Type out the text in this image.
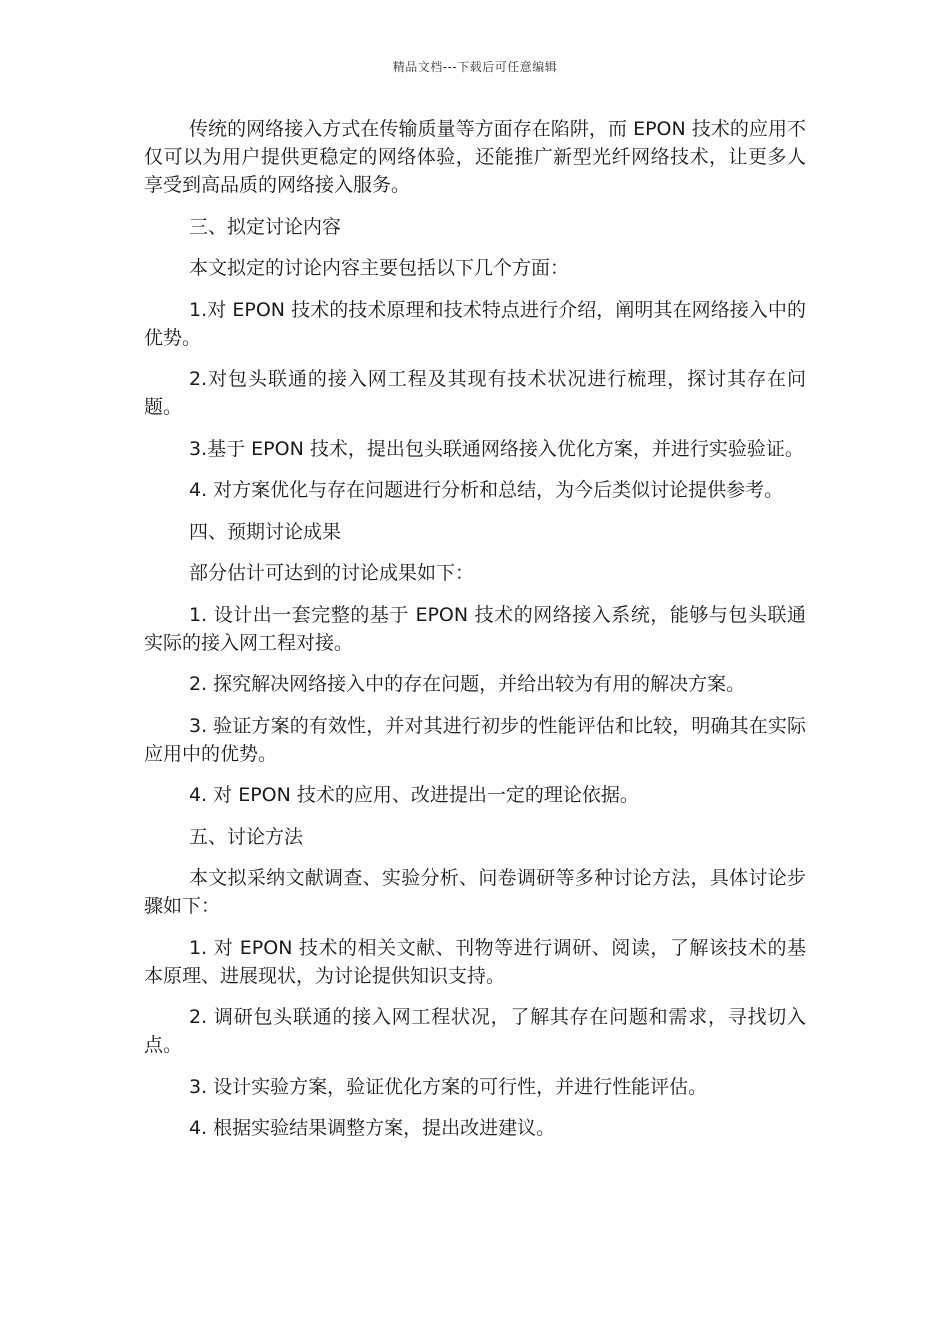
精品文档---下载后可任意编辑

传统的网络接入方式在传输质量等方面存在陷阱，而 EPON 技术的应用不仅可以为用户提供更稳定的网络体验，还能推广新型光纤网络技术，让更多人享受到高品质的网络接入服务。

三、拟定讨论内容

本文拟定的讨论内容主要包括以下几个方面：

1.对 EPON 技术的技术原理和技术特点进行介绍，阐明其在网络接入中的优势。

2.对包头联通的接入网工程及其现有技术状况进行梳理，探讨其存在问题。

3.基于 EPON 技术，提出包头联通网络接入优化方案，并进行实验验证。

4. 对方案优化与存在问题进行分析和总结，为今后类似讨论提供参考。

四、预期讨论成果

部分估计可达到的讨论成果如下：

1. 设计出一套完整的基于 EPON 技术的网络接入系统，能够与包头联通实际的接入网工程对接。

2. 探究解决网络接入中的存在问题，并给出较为有用的解决方案。

3. 验证方案的有效性，并对其进行初步的性能评估和比较，明确其在实际应用中的优势。

4. 对 EPON 技术的应用、改进提出一定的理论依据。

五、讨论方法

本文拟采纳文献调查、实验分析、问卷调研等多种讨论方法，具体讨论步骤如下：

1. 对 EPON 技术的相关文献、刊物等进行调研、阅读，了解该技术的基本原理、进展现状，为讨论提供知识支持。

2. 调研包头联通的接入网工程状况，了解其存在问题和需求，寻找切入点。

3. 设计实验方案，验证优化方案的可行性，并进行性能评估。

4. 根据实验结果调整方案，提出改进建议。
